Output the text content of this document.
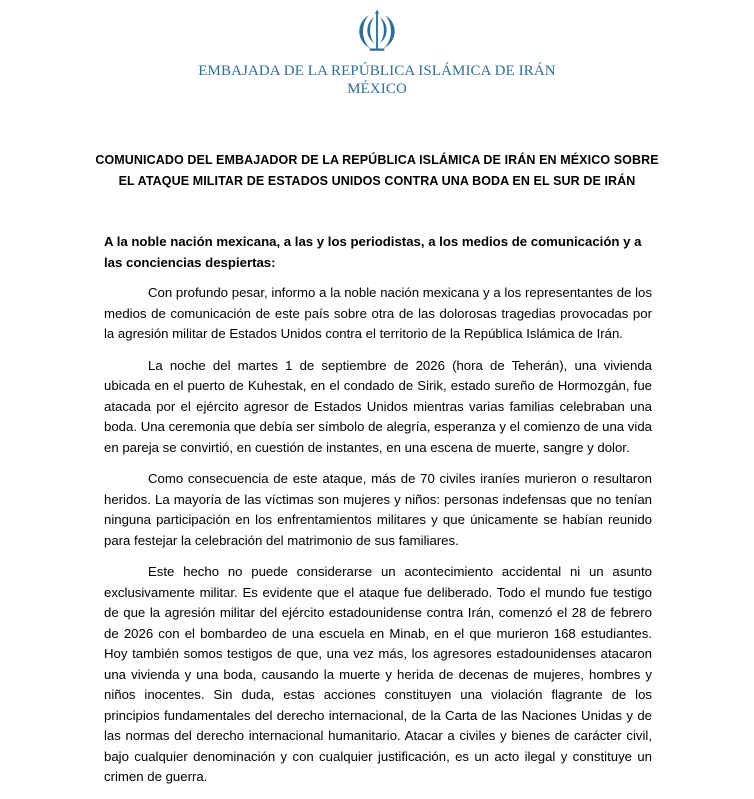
EMBAJADA DE LA REPÚBLICA ISLÁMICA DE IRÁN
MÉXICO
COMUNICADO DEL EMBAJADOR DE LA REPÚBLICA ISLÁMICA DE IRÁN EN MÉXICO SOBRE
EL ATAQUE MILITAR DE ESTADOS UNIDOS CONTRA UNA BODA EN EL SUR DE IRÁN

A la noble nación mexicana, a las y los periodistas, a los medios de comunicación y a las conciencias despiertas:

Con profundo pesar, informo a la noble nación mexicana y a los representantes de los medios de comunicación de este país sobre otra de las dolorosas tragedias provocadas por la agresión militar de Estados Unidos contra el territorio de la República Islámica de Irán.

La noche del martes 1 de septiembre de 2026 (hora de Teherán), una vivienda ubicada en el puerto de Kuhestak, en el condado de Sirik, estado sureño de Hormozgán, fue atacada por el ejército agresor de Estados Unidos mientras varias familias celebraban una boda. Una ceremonia que debía ser símbolo de alegría, esperanza y el comienzo de una vida en pareja se convirtió, en cuestión de instantes, en una escena de muerte, sangre y dolor.

Como consecuencia de este ataque, más de 70 civiles iraníes murieron o resultaron heridos. La mayoría de las víctimas son mujeres y niños: personas indefensas que no tenían ninguna participación en los enfrentamientos militares y que únicamente se habían reunido para festejar la celebración del matrimonio de sus familiares.

Este hecho no puede considerarse un acontecimiento accidental ni un asunto exclusivamente militar. Es evidente que el ataque fue deliberado. Todo el mundo fue testigo de que la agresión militar del ejército estadounidense contra Irán, comenzó el 28 de febrero de 2026 con el bombardeo de una escuela en Minab, en el que murieron 168 estudiantes. Hoy también somos testigos de que, una vez más, los agresores estadounidenses atacaron una vivienda y una boda, causando la muerte y herida de decenas de mujeres, hombres y niños inocentes. Sin duda, estas acciones constituyen una violación flagrante de los principios fundamentales del derecho internacional, de la Carta de las Naciones Unidas y de las normas del derecho internacional humanitario. Atacar a civiles y bienes de carácter civil, bajo cualquier denominación y con cualquier justificación, es un acto ilegal y constituye un crimen de guerra.
